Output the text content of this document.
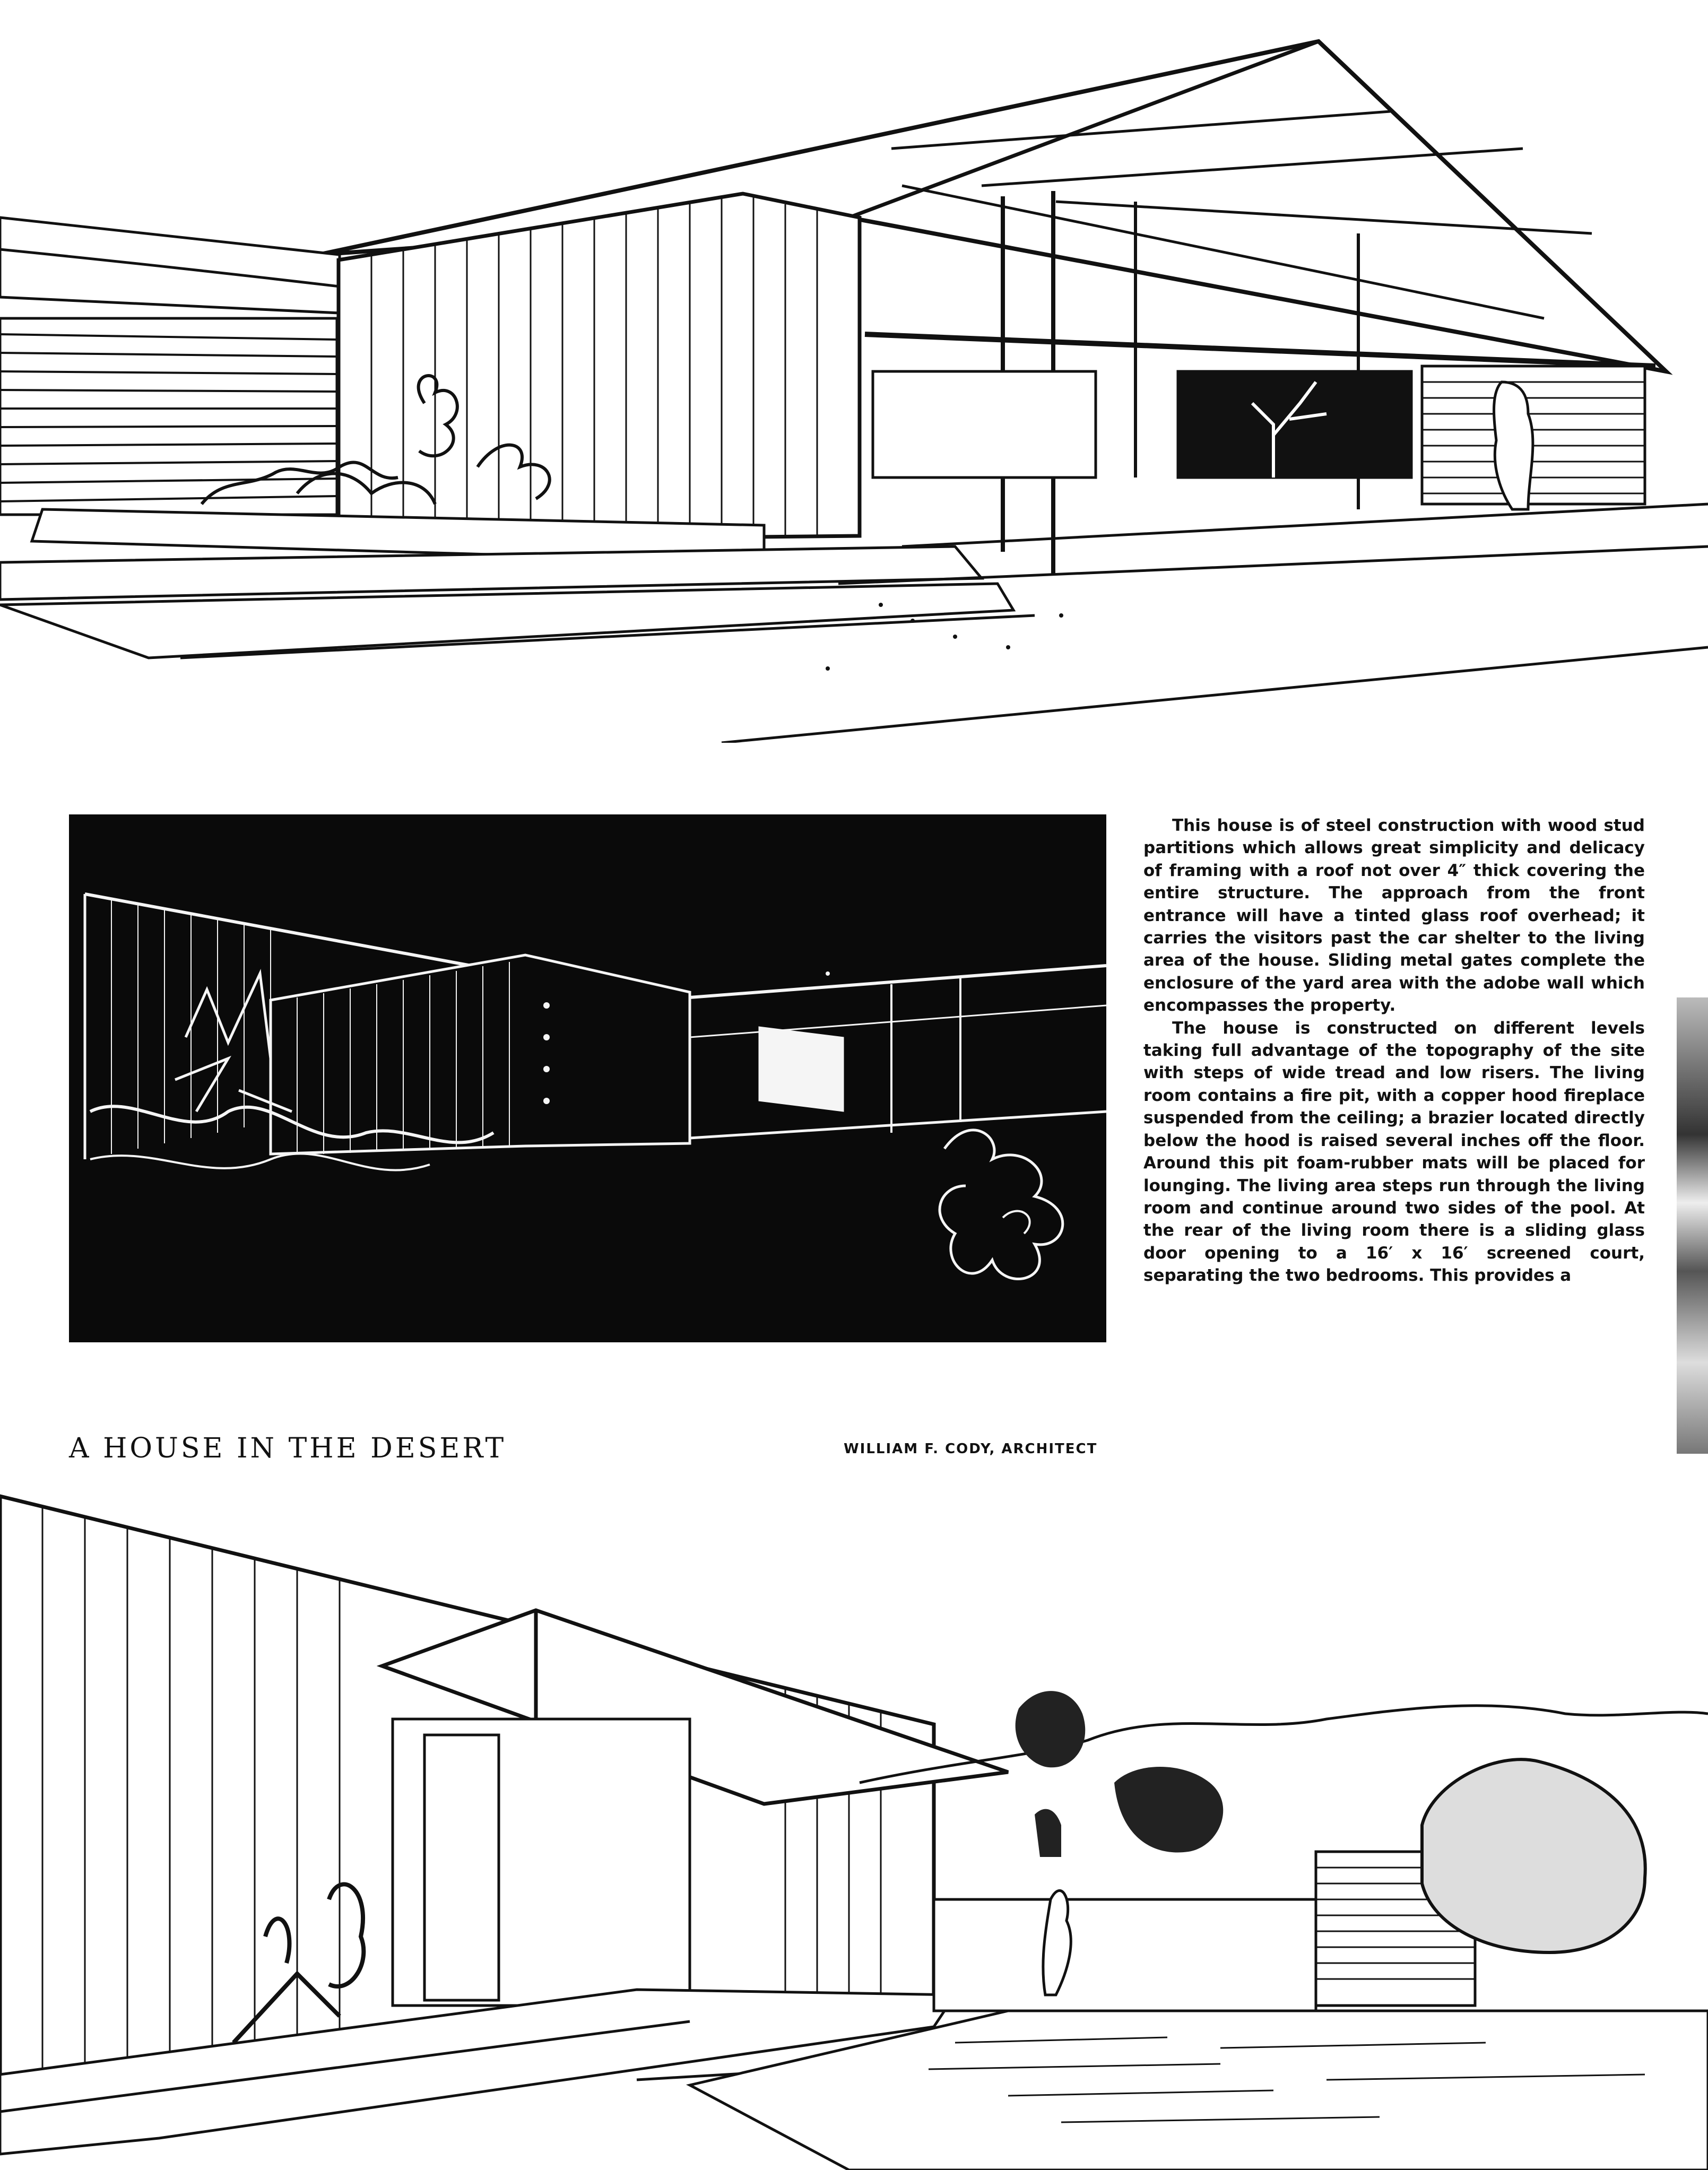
This house is of steel construction with wood stud partitions which allows great simplicity and delicacy of framing with a roof not over 4″ thick covering the entire structure. The approach from the front entrance will have a tinted glass roof overhead; it carries the visitors past the car shelter to the living area of the house. Sliding metal gates complete the enclosure of the yard area with the adobe wall which encompasses the property.

The house is constructed on different levels taking full advantage of the topography of the site with steps of wide tread and low risers. The living room contains a fire pit, with a copper hood fireplace suspended from the ceiling; a brazier located directly below the hood is raised several inches off the floor. Around this pit foam-rubber mats will be placed for lounging. The living area steps run through the living room and continue around two sides of the pool. At the rear of the living room there is a sliding glass door opening to a 16′ x 16′ screened court, separating the two bedrooms. This provides a

A HOUSE IN THE DESERT	WILLIAM F. CODY, ARCHITECT
